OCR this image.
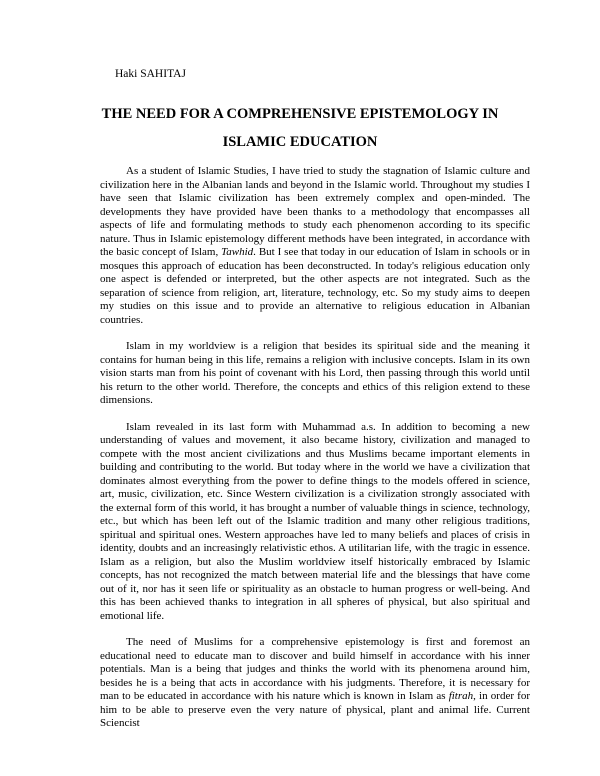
Haki SAHITAJ
THE NEED FOR A COMPREHENSIVE EPISTEMOLOGY IN
ISLAMIC EDUCATION

As a student of Islamic Studies, I have tried to study the stagnation of Islamic culture and civilization here in the Albanian lands and beyond in the Islamic world. Throughout my studies I have seen that Islamic civilization has been extremely complex and open-minded. The developments they have provided have been thanks to a methodology that encompasses all aspects of life and formulating methods to study each phenomenon according to its specific nature. Thus in Islamic epistemology different methods have been integrated, in accordance with the basic concept of Islam, Tawhid. But I see that today in our education of Islam in schools or in mosques this approach of education has been deconstructed. In today's religious education only one aspect is defended or interpreted, but the other aspects are not integrated. Such as the separation of science from religion, art, literature, technology, etc. So my study aims to deepen my studies on this issue and to provide an alternative to religious education in Albanian countries.

Islam in my worldview is a religion that besides its spiritual side and the meaning it contains for human being in this life, remains a religion with inclusive concepts. Islam in its own vision starts man from his point of covenant with his Lord, then passing through this world until his return to the other world. Therefore, the concepts and ethics of this religion extend to these dimensions.

Islam revealed in its last form with Muhammad a.s. In addition to becoming a new understanding of values and movement, it also became history, civilization and managed to compete with the most ancient civilizations and thus Muslims became important elements in building and contributing to the world. But today where in the world we have a civilization that dominates almost everything from the power to define things to the models offered in science, art, music, civilization, etc. Since Western civilization is a civilization strongly associated with the external form of this world, it has brought a number of valuable things in science, technology, etc., but which has been left out of the Islamic tradition and many other religious traditions, spiritual and spiritual ones. Western approaches have led to many beliefs and places of crisis in identity, doubts and an increasingly relativistic ethos. A utilitarian life, with the tragic in essence. Islam as a religion, but also the Muslim worldview itself historically embraced by Islamic concepts, has not recognized the match between material life and the blessings that have come out of it, nor has it seen life or spirituality as an obstacle to human progress or well-being. And this has been achieved thanks to integration in all spheres of physical, but also spiritual and emotional life.

The need of Muslims for a comprehensive epistemology is first and foremost an educational need to educate man to discover and build himself in accordance with his inner potentials. Man is a being that judges and thinks the world with its phenomena around him, besides he is a being that acts in accordance with his judgments. Therefore, it is necessary for man to be educated in accordance with his nature which is known in Islam as fitrah, in order for him to be able to preserve even the very nature of physical, plant and animal life. Current Sciencist
